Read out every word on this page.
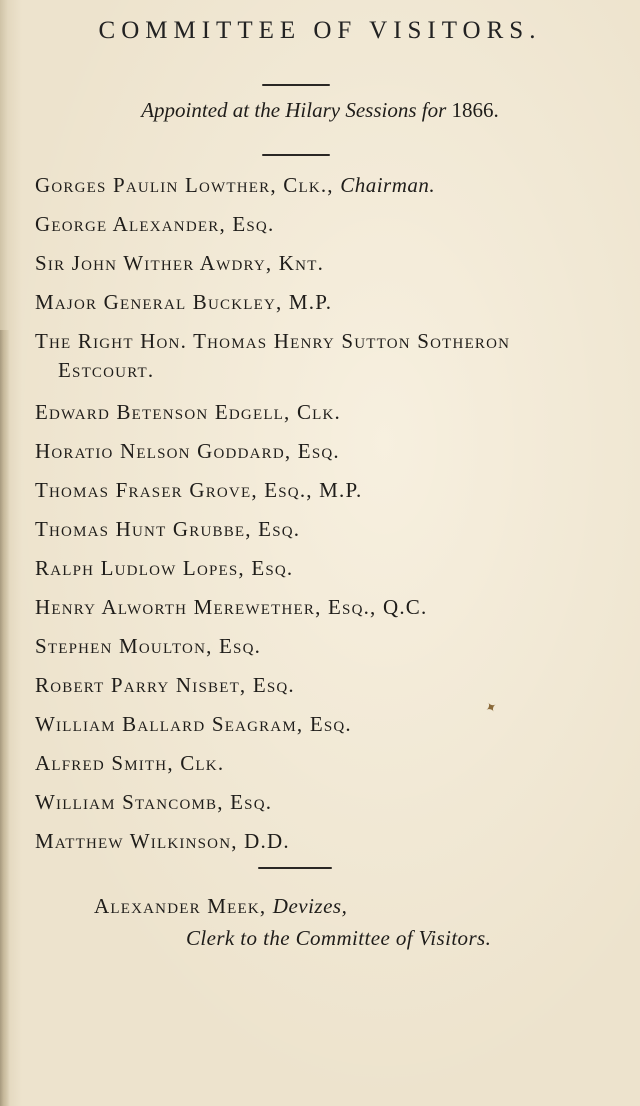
COMMITTEE OF VISITORS.
Appointed at the Hilary Sessions for 1866.
Gorges Paulin Lowther, Clk., Chairman.
George Alexander, Esq.
Sir John Wither Awdry, Knt.
Major General Buckley, M.P.
The Right Hon. Thomas Henry Sutton Sotheron
Estcourt.
Edward Betenson Edgell, Clk.
Horatio Nelson Goddard, Esq.
Thomas Fraser Grove, Esq., M.P.
Thomas Hunt Grubbe, Esq.
Ralph Ludlow Lopes, Esq.
Henry Alworth Merewether, Esq., Q.C.
Stephen Moulton, Esq.
Robert Parry Nisbet, Esq.
William Ballard Seagram, Esq.
Alfred Smith, Clk.
William Stancomb, Esq.
Matthew Wilkinson, D.D.
Alexander Meek, Devizes,
Clerk to the Committee of Visitors.
✦
